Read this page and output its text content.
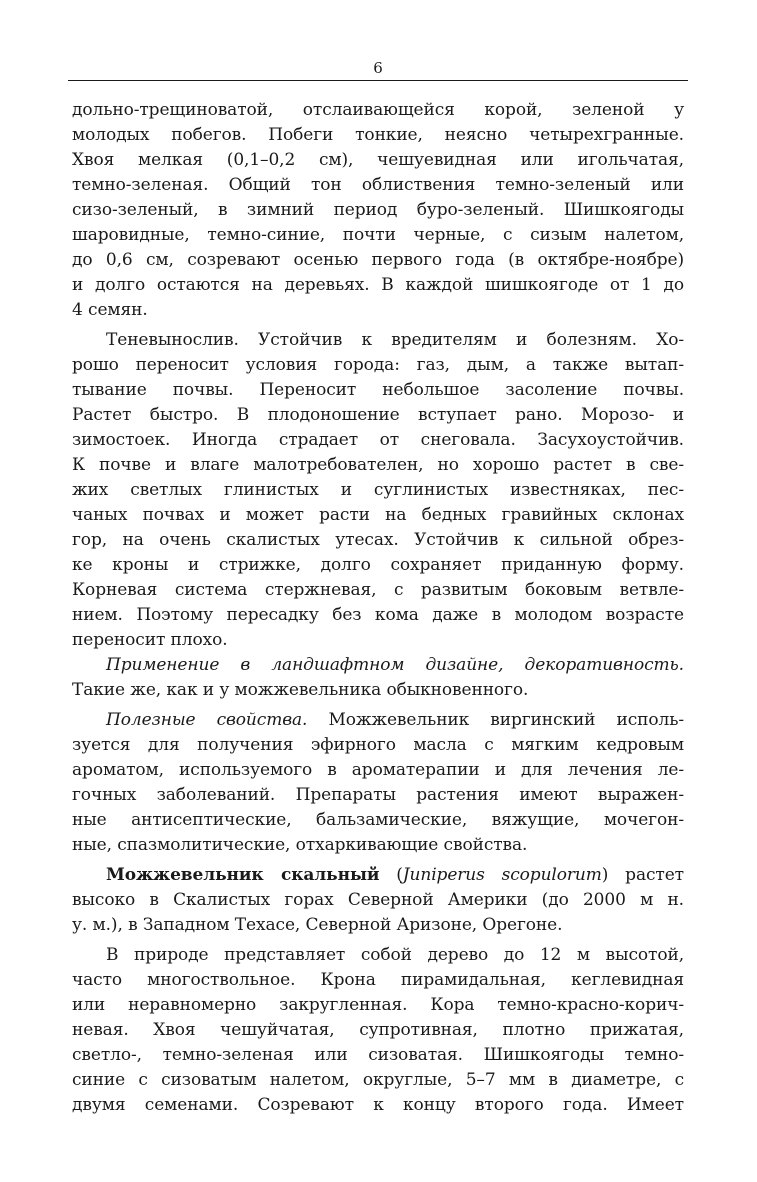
6
дольно-трещиноватой, отслаивающейся корой, зеленой у
молодых побегов. Побеги тонкие, неясно четырехгранные.
Хвоя мелкая (0,1–0,2 см), чешуевидная или игольчатая,
темно-зеленая. Общий тон облиствения темно-зеленый или
сизо-зеленый, в зимний период буро-зеленый. Шишкоягоды
шаровидные, темно-синие, почти черные, с сизым налетом,
до 0,6 см, созревают осенью первого года (в октябре-ноябре)
и долго остаются на деревьях. В каждой шишкоягоде от 1 до
4 семян.
Теневынослив. Устойчив к вредителям и болезням. Хо-
рошо переносит условия города: газ, дым, а также вытап-
тывание почвы. Переносит небольшое засоление почвы.
Растет быстро. В плодоношение вступает рано. Морозо- и
зимостоек. Иногда страдает от снеговала. Засухоустойчив.
К почве и влаге малотребователен, но хорошо растет в све-
жих светлых глинистых и суглинистых известняках, пес-
чаных почвах и может расти на бедных гравийных склонах
гор, на очень скалистых утесах. Устойчив к сильной обрез-
ке кроны и стрижке, долго сохраняет приданную форму.
Корневая система стержневая, с развитым боковым ветвле-
нием. Поэтому пересадку без кома даже в молодом возрасте
переносит плохо.
Применение в ландшафтном дизайне, декоративность.
Такие же, как и у можжевельника обыкновенного.
Полезные свойства. Можжевельник виргинский исполь-
зуется для получения эфирного масла с мягким кедровым
ароматом, используемого в ароматерапии и для лечения ле-
гочных заболеваний. Препараты растения имеют выражен-
ные антисептические, бальзамические, вяжущие, мочегон-
ные, спазмолитические, отхаркивающие свойства.
Можжевельник скальный (Juniperus scopulorum) растет
высоко в Скалистых горах Северной Америки (до 2000 м н.
у. м.), в Западном Техасе, Северной Аризоне, Орегоне.
В природе представляет собой дерево до 12 м высотой,
часто многоствольное. Крона пирамидальная, кеглевидная
или неравномерно закругленная. Кора темно-красно-корич-
невая. Хвоя чешуйчатая, супротивная, плотно прижатая,
светло-, темно-зеленая или сизоватая. Шишкоягоды темно-
синие с сизоватым налетом, округлые, 5–7 мм в диаметре, с
двумя семенами. Созревают к концу второго года. Имеет
